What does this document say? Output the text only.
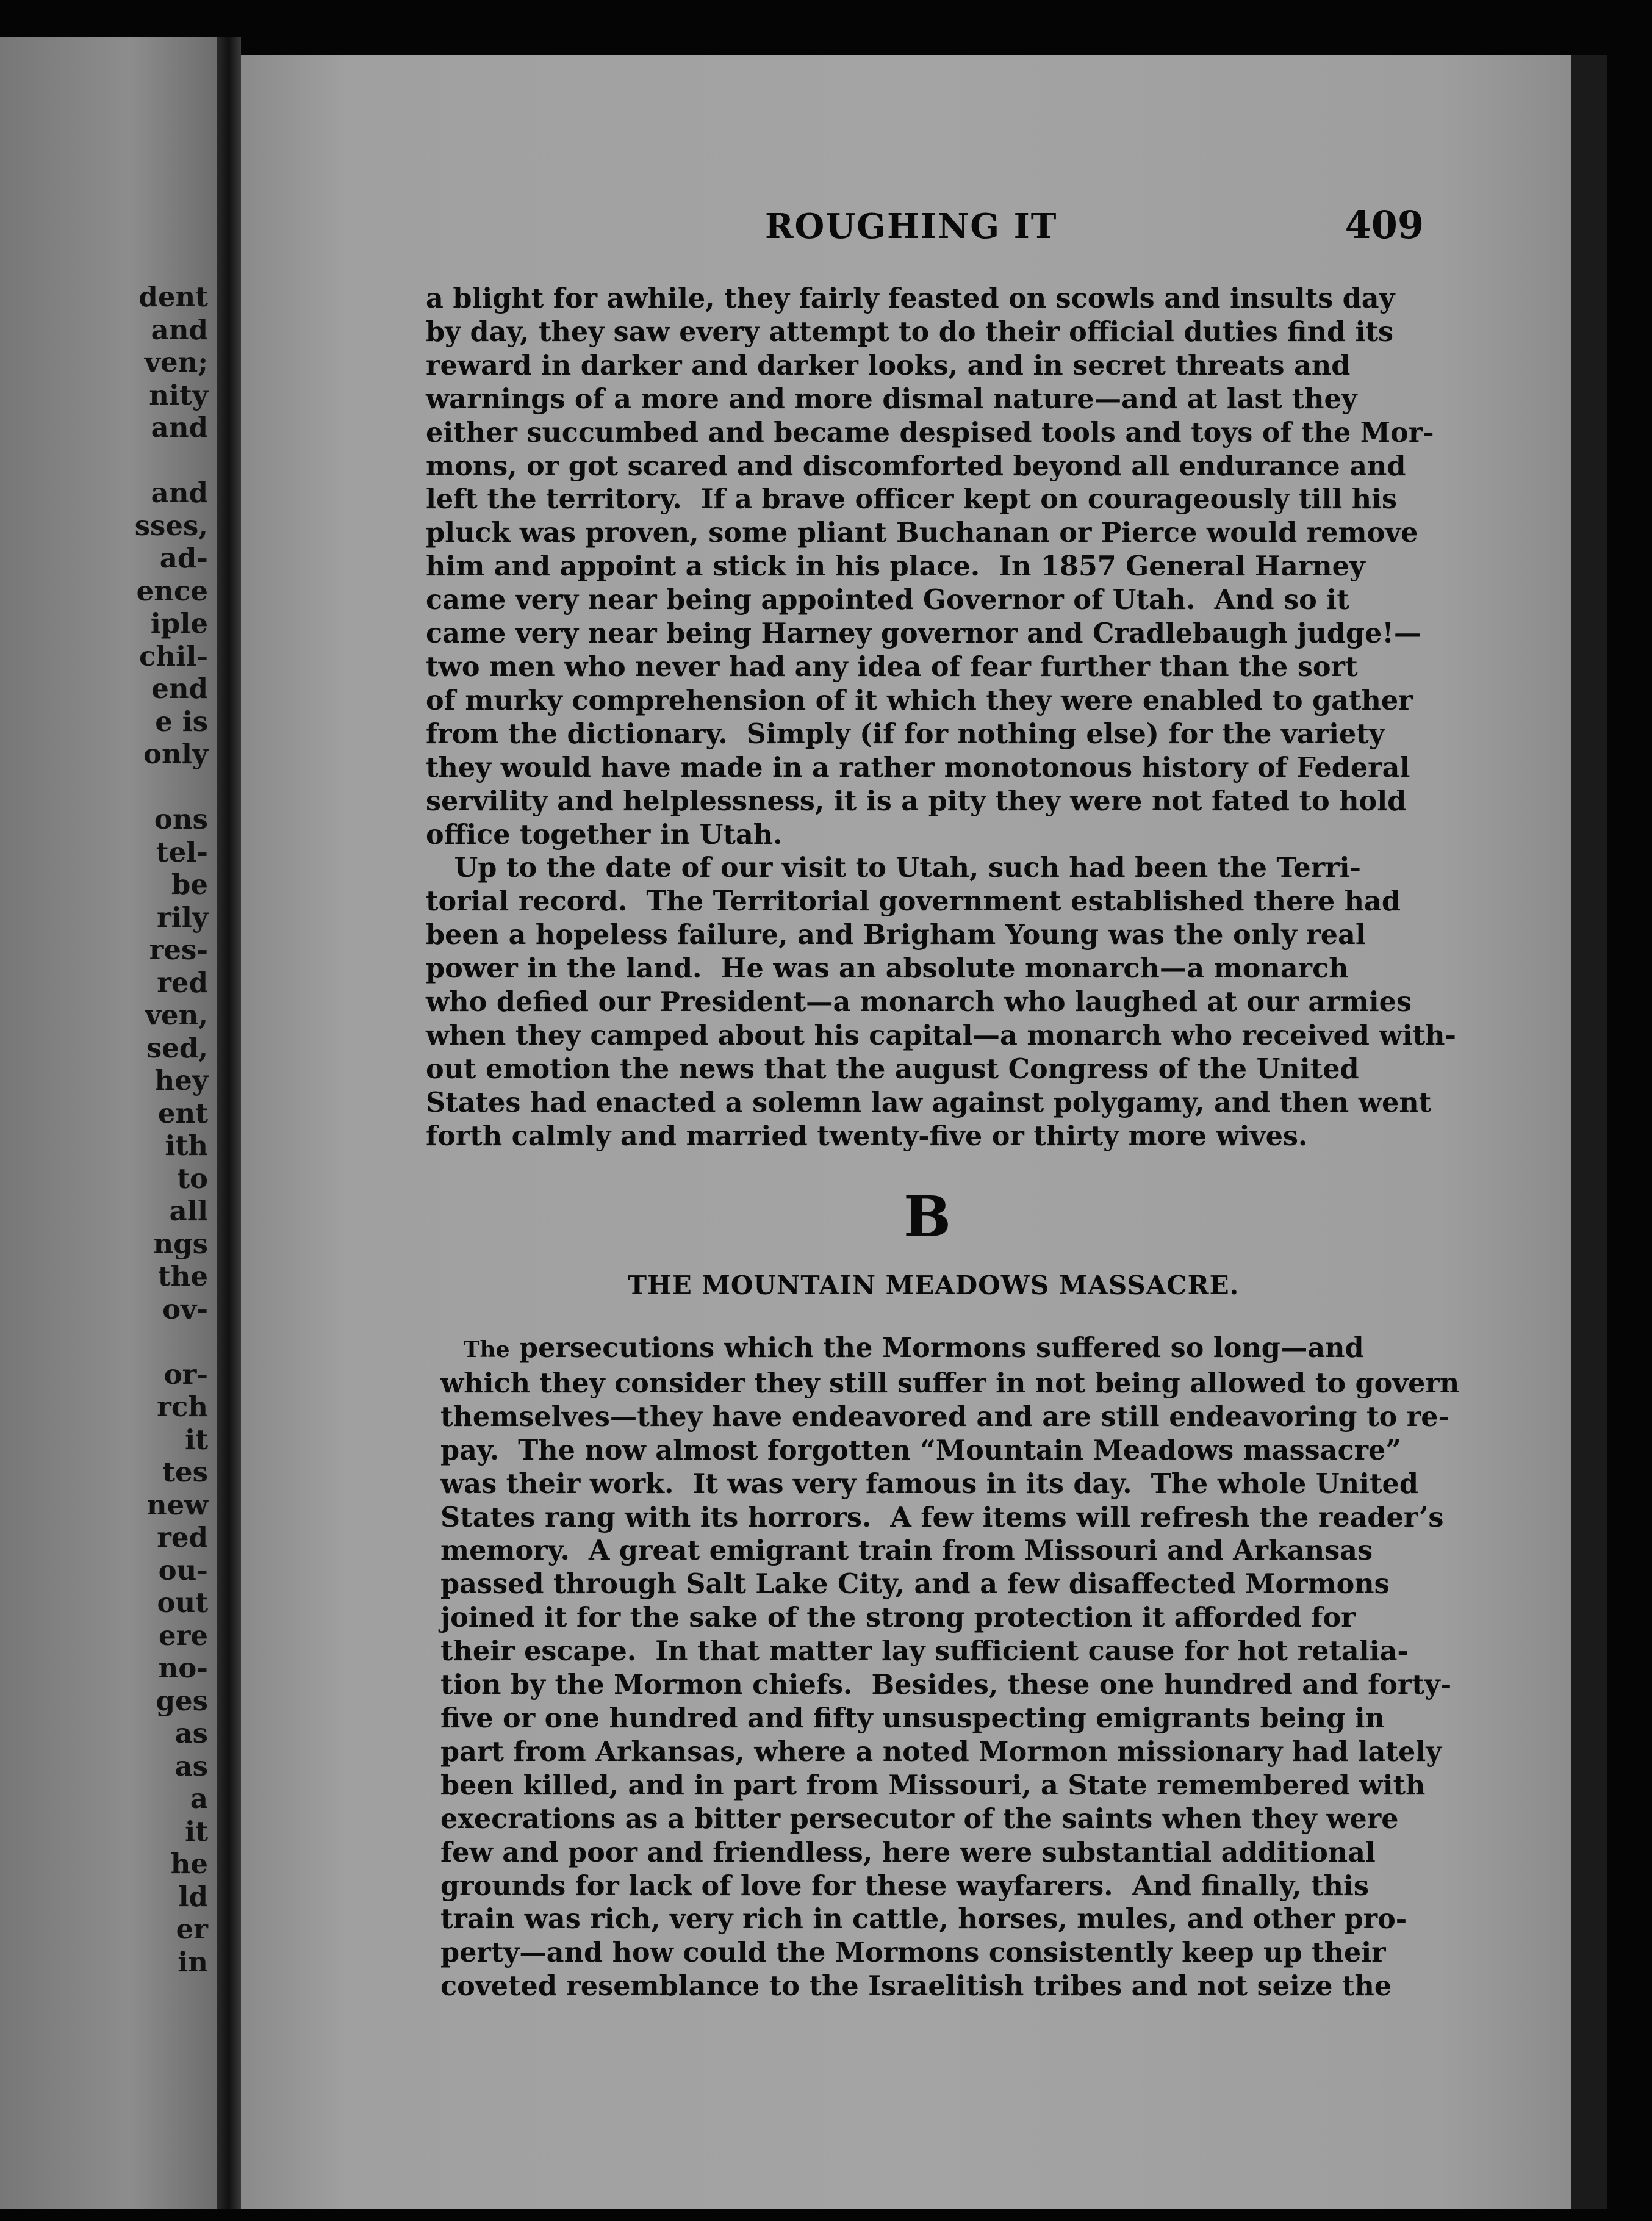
dent
and
ven;
nity
and

and
sses,
ad-
ence
iple
chil-
end
e is
only

ons
tel-
be
rily
res-
red
ven,
sed,
hey
ent
ith
to
all
ngs
the
ov-

or-
rch
it
tes
new
red
ou-
out
ere
no-
ges
as
as
a
it
he
ld
er
in
ROUGHING IT	409
a blight for awhile, they fairly feasted on scowls and insults day
by day, they saw every attempt to do their official duties find its
reward in darker and darker looks, and in secret threats and
warnings of a more and more dismal nature—and at last they
either succumbed and became despised tools and toys of the Mor-
mons, or got scared and discomforted beyond all endurance and
left the territory.  If a brave officer kept on courageously till his
pluck was proven, some pliant Buchanan or Pierce would remove
him and appoint a stick in his place.  In 1857 General Harney
came very near being appointed Governor of Utah.  And so it
came very near being Harney governor and Cradlebaugh judge!—
two men who never had any idea of fear further than the sort
of murky comprehension of it which they were enabled to gather
from the dictionary.  Simply (if for nothing else) for the variety
they would have made in a rather monotonous history of Federal
servility and helplessness, it is a pity they were not fated to hold
office together in Utah.
Up to the date of our visit to Utah, such had been the Terri-
torial record.  The Territorial government established there had
been a hopeless failure, and Brigham Young was the only real
power in the land.  He was an absolute monarch—a monarch
who defied our President—a monarch who laughed at our armies
when they camped about his capital—a monarch who received with-
out emotion the news that the august Congress of the United
States had enacted a solemn law against polygamy, and then went
forth calmly and married twenty-five or thirty more wives.
B
THE MOUNTAIN MEADOWS MASSACRE.
The persecutions which the Mormons suffered so long—and
which they consider they still suffer in not being allowed to govern
themselves—they have endeavored and are still endeavoring to re-
pay.  The now almost forgotten “Mountain Meadows massacre”
was their work.  It was very famous in its day.  The whole United
States rang with its horrors.  A few items will refresh the reader’s
memory.  A great emigrant train from Missouri and Arkansas
passed through Salt Lake City, and a few disaffected Mormons
joined it for the sake of the strong protection it afforded for
their escape.  In that matter lay sufficient cause for hot retalia-
tion by the Mormon chiefs.  Besides, these one hundred and forty-
five or one hundred and fifty unsuspecting emigrants being in
part from Arkansas, where a noted Mormon missionary had lately
been killed, and in part from Missouri, a State remembered with
execrations as a bitter persecutor of the saints when they were
few and poor and friendless, here were substantial additional
grounds for lack of love for these wayfarers.  And finally, this
train was rich, very rich in cattle, horses, mules, and other pro-
perty—and how could the Mormons consistently keep up their
coveted resemblance to the Israelitish tribes and not seize the
